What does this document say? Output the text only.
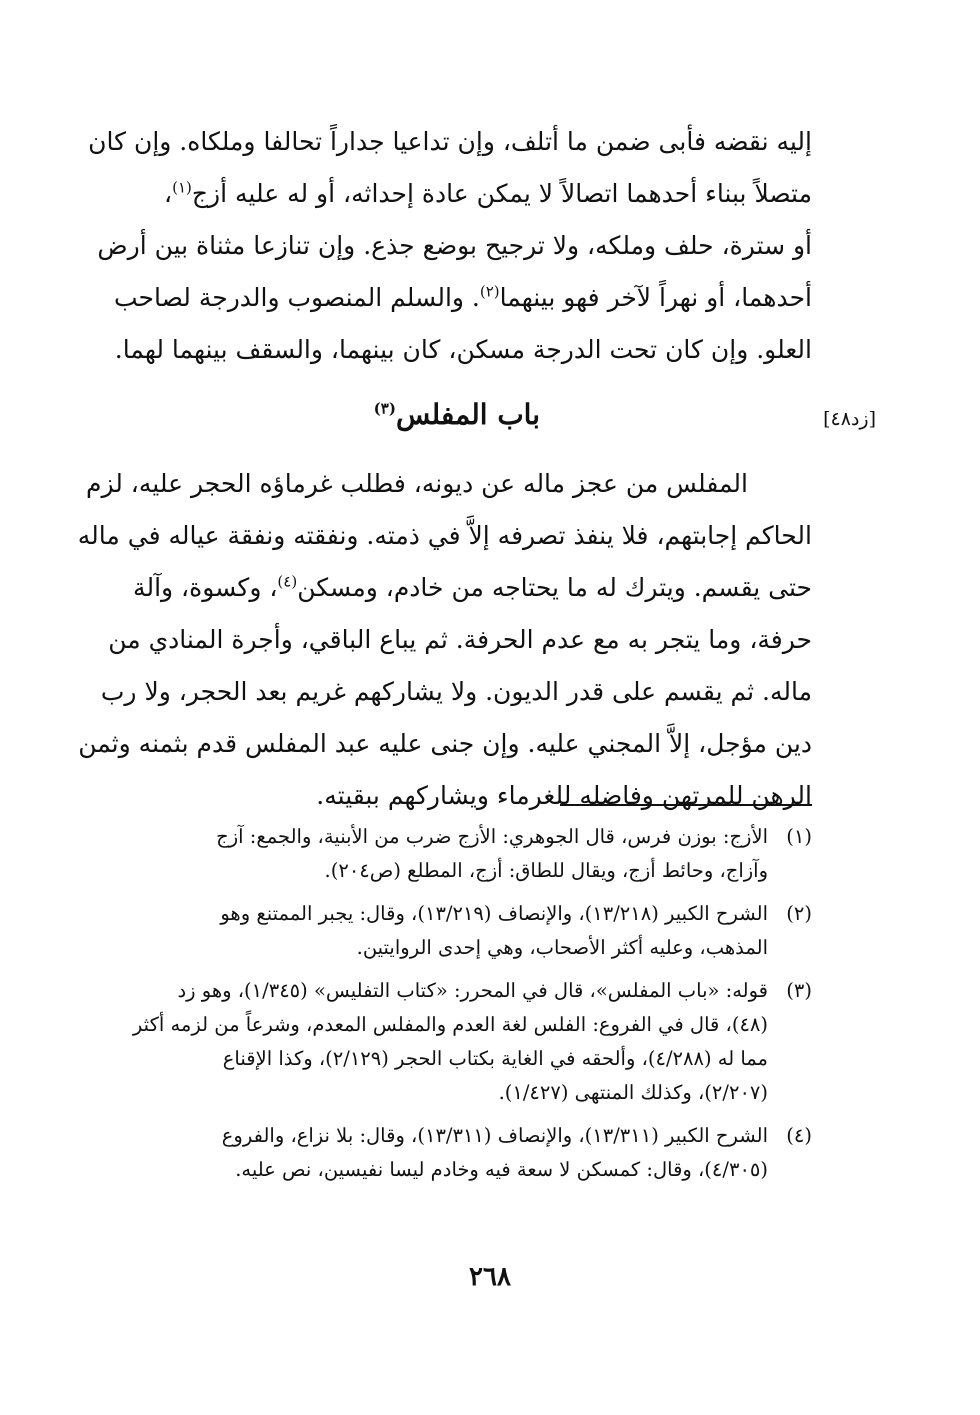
إليه نقضه فأبى ضمن ما أتلف، وإن تداعيا جداراً تحالفا وملكاه. وإن كان
متصلاً ببناء أحدهما اتصالاً لا يمكن عادة إحداثه، أو له عليه أزج$^{(١)}$،
أو سترة، حلف وملكه، ولا ترجيح بوضع جذع. وإن تنازعا مثناة بين أرض
أحدهما، أو نهراً لآخر فهو بينهما$^{(٢)}$. والسلم المنصوب والدرجة لصاحب
العلو. وإن كان تحت الدرجة مسكن، كان بينهما، والسقف بينهما لهما.
[زد٤٨]
باب المفلس$^{(٣)}$
المفلس من عجز ماله عن ديونه، فطلب غرماؤه الحجر عليه، لزم
الحاكم إجابتهم، فلا ينفذ تصرفه إلاَّ في ذمته. ونفقته ونفقة عياله في ماله
حتى يقسم. ويترك له ما يحتاجه من خادم، ومسكن$^{(٤)}$، وكسوة، وآلة
حرفة، وما يتجر به مع عدم الحرفة. ثم يباع الباقي، وأجرة المنادي من
ماله. ثم يقسم على قدر الديون. ولا يشاركهم غريم بعد الحجر، ولا رب
دين مؤجل، إلاَّ المجني عليه. وإن جنى عليه عبد المفلس قدم بثمنه وثمن
الرهن للمرتهن وفاضله للغرماء ويشاركهم ببقيته.
(١)
الأزج: بوزن فرس، قال الجوهري: الأزج ضرب من الأبنية، والجمع: آزج
وآزاج، وحائط أزج، ويقال للطاق: أزج، المطلع (ص٢٠٤).
(٢)
الشرح الكبير (١٣/٢١٨)، والإنصاف (١٣/٢١٩)، وقال: يجبر الممتنع وهو
المذهب، وعليه أكثر الأصحاب، وهي إحدى الروايتين.
(٣)
قوله: «باب المفلس»، قال في المحرر: «كتاب التفليس» (١/٣٤٥)، وهو زد
(٤٨)، قال في الفروع: الفلس لغة العدم والمفلس المعدم، وشرعاً من لزمه أكثر
مما له (٤/٢٨٨)، وألحقه في الغاية بكتاب الحجر (٢/١٢٩)، وكذا الإقناع
(٢/٢٠٧)، وكذلك المنتهى (١/٤٢٧).
(٤)
الشرح الكبير (١٣/٣١١)، والإنصاف (١٣/٣١١)، وقال: بلا نزاع، والفروع
(٤/٣٠٥)، وقال: كمسكن لا سعة فيه وخادم ليسا نفيسين، نص عليه.
٢٦٨
